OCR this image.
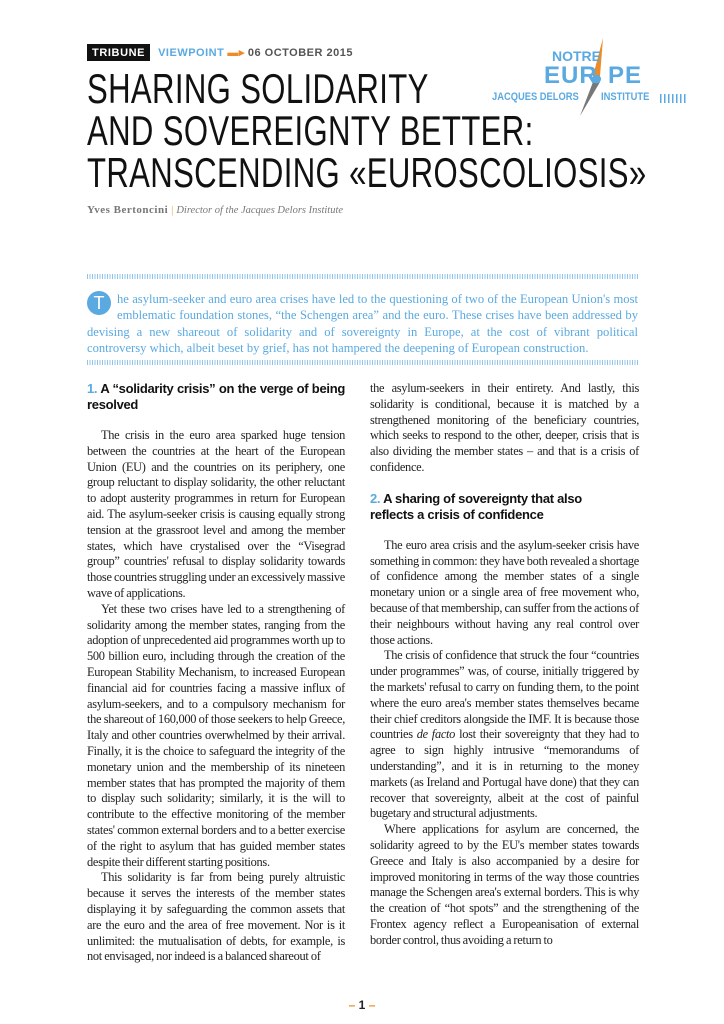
TRIBUNE	VIEWPOINT ▬▸ 06 OCTOBER 2015
SHARING SOLIDARITY
AND SOVEREIGNTY BETTER:
TRANSCENDING «EUROSCOLIOSIS»
Yves Bertoncini | Director of the Jacques Delors Institute
NOTRE
EUR PE
JACQUES DELORS INSTITUTE
T he asylum-seeker and euro area crises have led to the questioning of two of the European Union's most emblematic foundation stones, “the Schengen area” and the euro. These crises have been addressed by devising a new shareout of solidarity and of sovereignty in Europe, at the cost of vibrant political controversy which, albeit beset by grief, has not hampered the deepening of European construction.
1. A “solidarity crisis” on the verge of being resolved

The crisis in the euro area sparked huge tension between the countries at the heart of the European Union (EU) and the countries on its periphery, one group reluctant to display solidarity, the other reluctant to adopt austerity programmes in return for European aid. The asylum-seeker crisis is causing equally strong tension at the grassroot level and among the member states, which have crystalised over the “Visegrad group” countries' refusal to display solidarity towards those countries struggling under an excessively massive wave of applications.

Yet these two crises have led to a strengthening of solidarity among the member states, ranging from the adoption of unprecedented aid programmes worth up to 500 billion euro, including through the creation of the European Stability Mechanism, to increased European financial aid for countries facing a massive influx of asylum-seekers, and to a compulsory mechanism for the shareout of 160,000 of those seekers to help Greece, Italy and other countries overwhelmed by their arrival. Finally, it is the choice to safeguard the integrity of the monetary union and the membership of its nineteen member states that has prompted the majority of them to display such solidarity; similarly, it is the will to contribute to the effective monitoring of the member states' common external borders and to a better exercise of the right to asylum that has guided member states despite their different starting positions.

This solidarity is far from being purely altruistic because it serves the interests of the member states displaying it by safeguarding the common assets that are the euro and the area of free movement. Nor is it unlimited: the mutualisation of debts, for example, is not envisaged, nor indeed is a balanced shareout of

the asylum-seekers in their entirety. And lastly, this solidarity is conditional, because it is matched by a strengthened monitoring of the beneficiary countries, which seeks to respond to the other, deeper, crisis that is also dividing the member states – and that is a crisis of confidence.

2. A sharing of sovereignty that also
reflects a crisis of confidence

The euro area crisis and the asylum-seeker crisis have something in common: they have both revealed a shortage of confidence among the member states of a single monetary union or a single area of free movement who, because of that membership, can suffer from the actions of their neighbours without having any real control over those actions.

The crisis of confidence that struck the four “countries under programmes” was, of course, initially triggered by the markets' refusal to carry on funding them, to the point where the euro area's member states themselves became their chief creditors alongside the IMF. It is because those countries de facto lost their sovereignty that they had to agree to sign highly intrusive “memorandums of understanding”, and it is in returning to the money markets (as Ireland and Portugal have done) that they can recover that sovereignty, albeit at the cost of painful bugetary and structural adjustments.

Where applications for asylum are concerned, the solidarity agreed to by the EU's member states towards Greece and Italy is also accompanied by a desire for improved monitoring in terms of the way those countries manage the Schengen area's external borders. This is why the creation of “hot spots” and the strengthening of the Frontex agency reflect a Europeanisation of external border control, thus avoiding a return to

– 1 –
